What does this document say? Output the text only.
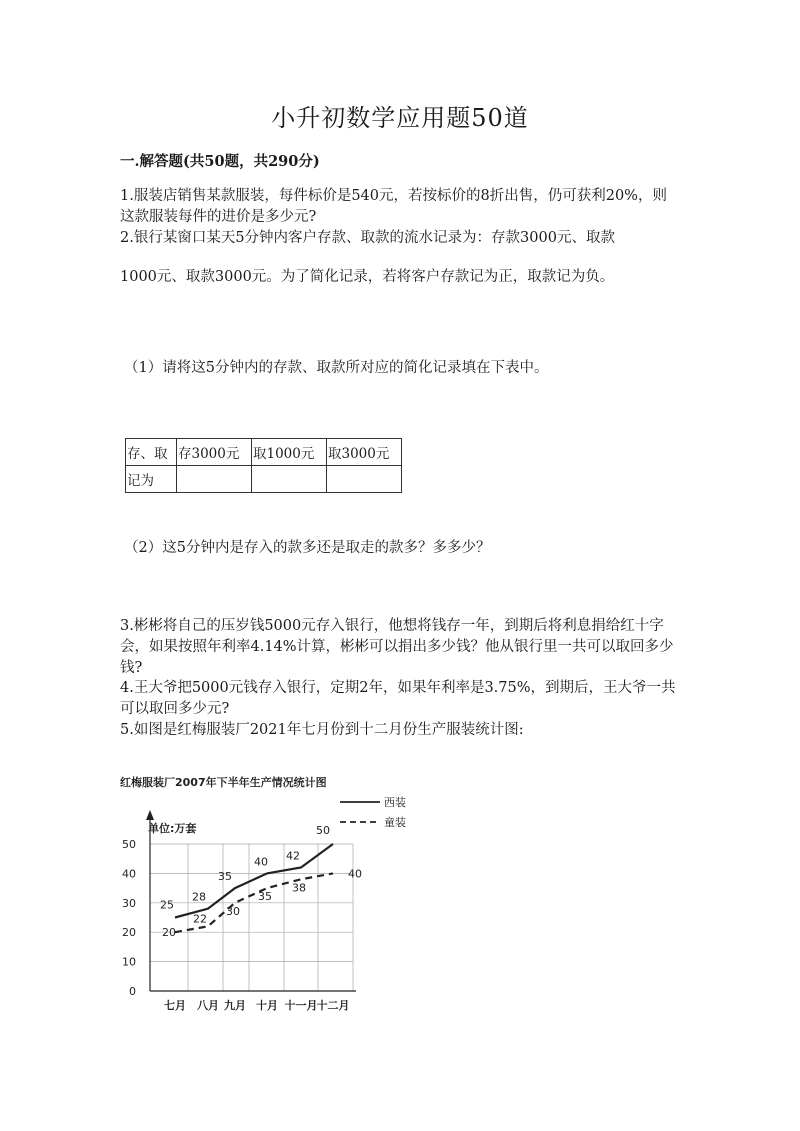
小升初数学应用题50道
一.解答题(共50题，共290分)
1.服装店销售某款服装，每件标价是540元，若按标价的8折出售，仍可获利20%，则这款服装每件的进价是多少元?
2.银行某窗口某天5分钟内客户存款、取款的流水记录为：存款3000元、取款
1000元、取款3000元。为了简化记录，若将客户存款记为正，取款记为负。
（1）请将这5分钟内的存款、取款所对应的简化记录填在下表中。
存、取	存3000元	取1000元	取3000元
记为			
（2）这5分钟内是存入的款多还是取走的款多？多多少？
3.彬彬将自己的压岁钱5000元存入银行，他想将钱存一年，到期后将利息捐给红十字会，如果按照年利率4.14%计算，彬彬可以捐出多少钱？他从银行里一共可以取回多少钱?
4.王大爷把5000元钱存入银行，定期2年，如果年利率是3.75%，到期后，王大爷一共可以取回多少元?
5.如图是红梅服装厂2021年七月份到十二月份生产服装统计图:
红梅服装厂2007年下半年生产情况统计图
单位:万套
西装
童装
0
10
20
30
40
50
七月 八月 九月 十月 十一月 十二月
25
28
35
40 42
50
20
22
30
35
38
40
